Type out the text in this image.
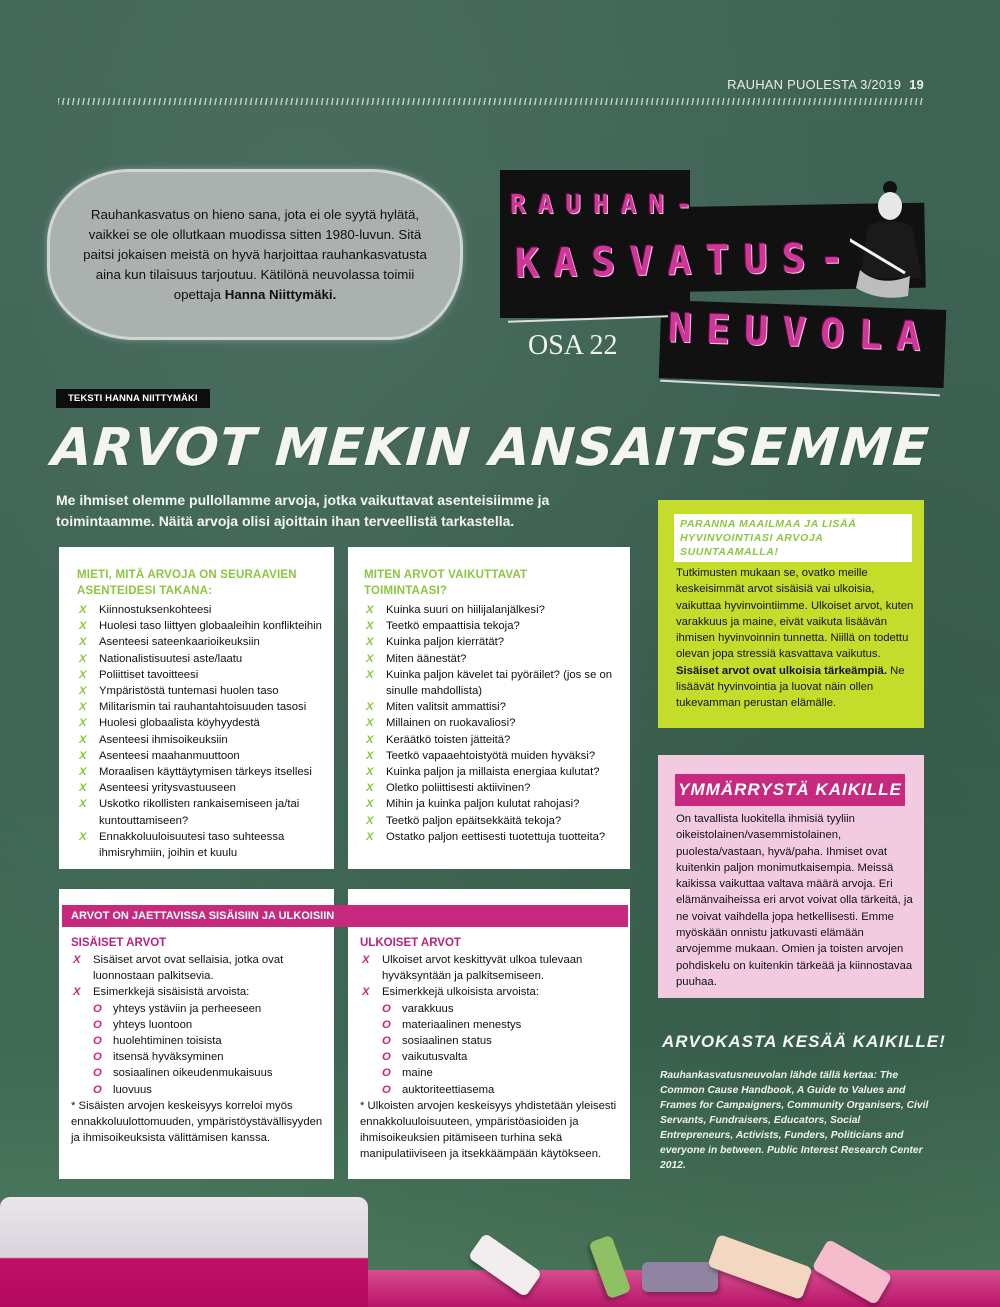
RAUHAN PUOLESTA 3/2019 19
Rauhankasvatus on hieno sana, jota ei ole syytä hylätä, vaikkei se ole ollutkaan muodissa sitten 1980-luvun. Sitä paitsi jokaisen meistä on hyvä harjoittaa rauhankasvatusta aina kun tilaisuus tarjoutuu. Kätilönä neuvolassa toimii opettaja Hanna Niittymäki.
RAUHAN-
KASVATUS-
NEUVOLA
OSA 22
TEKSTI HANNA NIITTYMÄKI
ARVOT MEKIN ANSAITSEMME
Me ihmiset olemme pullollamme arvoja, jotka vaikuttavat asenteisiimme ja toimintaamme. Näitä arvoja olisi ajoittain ihan terveellistä tarkastella.
MIETI, MITÄ ARVOJA ON SEURAAVIEN ASENTEIDESI TAKANA:
X Kiinnostuksenkohteesi
X Huolesi taso liittyen globaaleihin konflikteihin
X Asenteesi sateenkaarioikeuksiin
X Nationalistisuutesi aste/laatu
X Poliittiset tavoitteesi
X Ympäristöstä tuntemasi huolen taso
X Militarismin tai rauhantahtoisuuden tasosi
X Huolesi globaalista köyhyydestä
X Asenteesi ihmisoikeuksiin
X Asenteesi maahanmuuttoon
X Moraalisen käyttäytymisen tärkeys itsellesi
X Asenteesi yritysvastuuseen
X Uskotko rikollisten rankaisemiseen ja/tai kuntouttamiseen?
X Ennakkoluuloisuutesi taso suhteessa ihmisryhmiin, joihin et kuulu
MITEN ARVOT VAIKUTTAVAT TOIMINTAASI?
X Kuinka suuri on hiilijalanjälkesi?
X Teetkö empaattisia tekoja?
X Kuinka paljon kierrätät?
X Miten äänestät?
X Kuinka paljon kävelet tai pyöräilet? (jos se on sinulle mahdollista)
X Miten valitsit ammattisi?
X Millainen on ruokavaliosi?
X Keräätkö toisten jätteitä?
X Teetkö vapaaehtoistyötä muiden hyväksi?
X Kuinka paljon ja millaista energiaa kulutat?
X Oletko poliittisesti aktiivinen?
X Mihin ja kuinka paljon kulutat rahojasi?
X Teetkö paljon epäitsekkäitä tekoja?
X Ostatko paljon eettisesti tuotettuja tuotteita?
SISÄISET ARVOT
X Sisäiset arvot ovat sellaisia, jotka ovat luonnostaan palkitsevia.
X Esimerkkejä sisäisistä arvoista:
O yhteys ystäviin ja perheeseen
O yhteys luontoon
O huolehtiminen toisista
O itsensä hyväksyminen
O sosiaalinen oikeudenmukaisuus
O luovuus
* Sisäisten arvojen keskeisyys korreloi myös ennakkoluulottomuuden, ympäristöystävällisyyden ja ihmisoikeuksista välittämisen kanssa.
ULKOISET ARVOT
X Ulkoiset arvot keskittyvät ulkoa tulevaan hyväksyntään ja palkitsemiseen.
X Esimerkkejä ulkoisista arvoista:
O varakkuus
O materiaalinen menestys
O sosiaalinen status
O vaikutusvalta
O maine
O auktoriteettiasema
* Ulkoisten arvojen keskeisyys yhdistetään yleisesti ennakkoluuloisuuteen, ympäristöasioiden ja ihmisoikeuksien pitämiseen turhina sekä manipulatiiviseen ja itsekkäämpään käytökseen.
ARVOT ON JAETTAVISSA SISÄISIIN JA ULKOISIIN
PARANNA MAAILMAA JA LISÄÄ HYVINVOINTIASI ARVOJA SUUNTAAMALLA!
Tutkimusten mukaan se, ovatko meille keskeisimmät arvot sisäisiä vai ulkoisia, vaikuttaa hyvinvointiimme. Ulkoiset arvot, kuten varakkuus ja maine, eivät vaikuta lisäävän ihmisen hyvinvoinnin tunnetta. Niillä on todettu olevan jopa stressiä kasvattava vaikutus. Sisäiset arvot ovat ulkoisia tärkeämpiä. Ne lisäävät hyvinvointia ja luovat näin ollen tukevamman perustan elämälle.
YMMÄRRYSTÄ KAIKILLE
On tavallista luokitella ihmisiä tyyliin oikeistolainen/vasemmistolainen, puolesta/vastaan, hyvä/paha. Ihmiset ovat kuitenkin paljon monimutkaisempia. Meissä kaikissa vaikuttaa valtava määrä arvoja. Eri elämänvaiheissa eri arvot voivat olla tärkeitä, ja ne voivat vaihdella jopa hetkellisesti. Emme myöskään onnistu jatkuvasti elämään arvojemme mukaan. Omien ja toisten arvojen pohdiskelu on kuitenkin tärkeää ja kiinnostavaa puuhaa.
ARVOKASTA KESÄÄ KAIKILLE!
Rauhankasvatusneuvolan lähde tällä kertaa: The Common Cause Handbook, A Guide to Values and Frames for Campaigners, Community Organisers, Civil Servants, Fundraisers, Educators, Social Entrepreneurs, Activists, Funders, Politicians and everyone in between. Public Interest Research Center 2012.
